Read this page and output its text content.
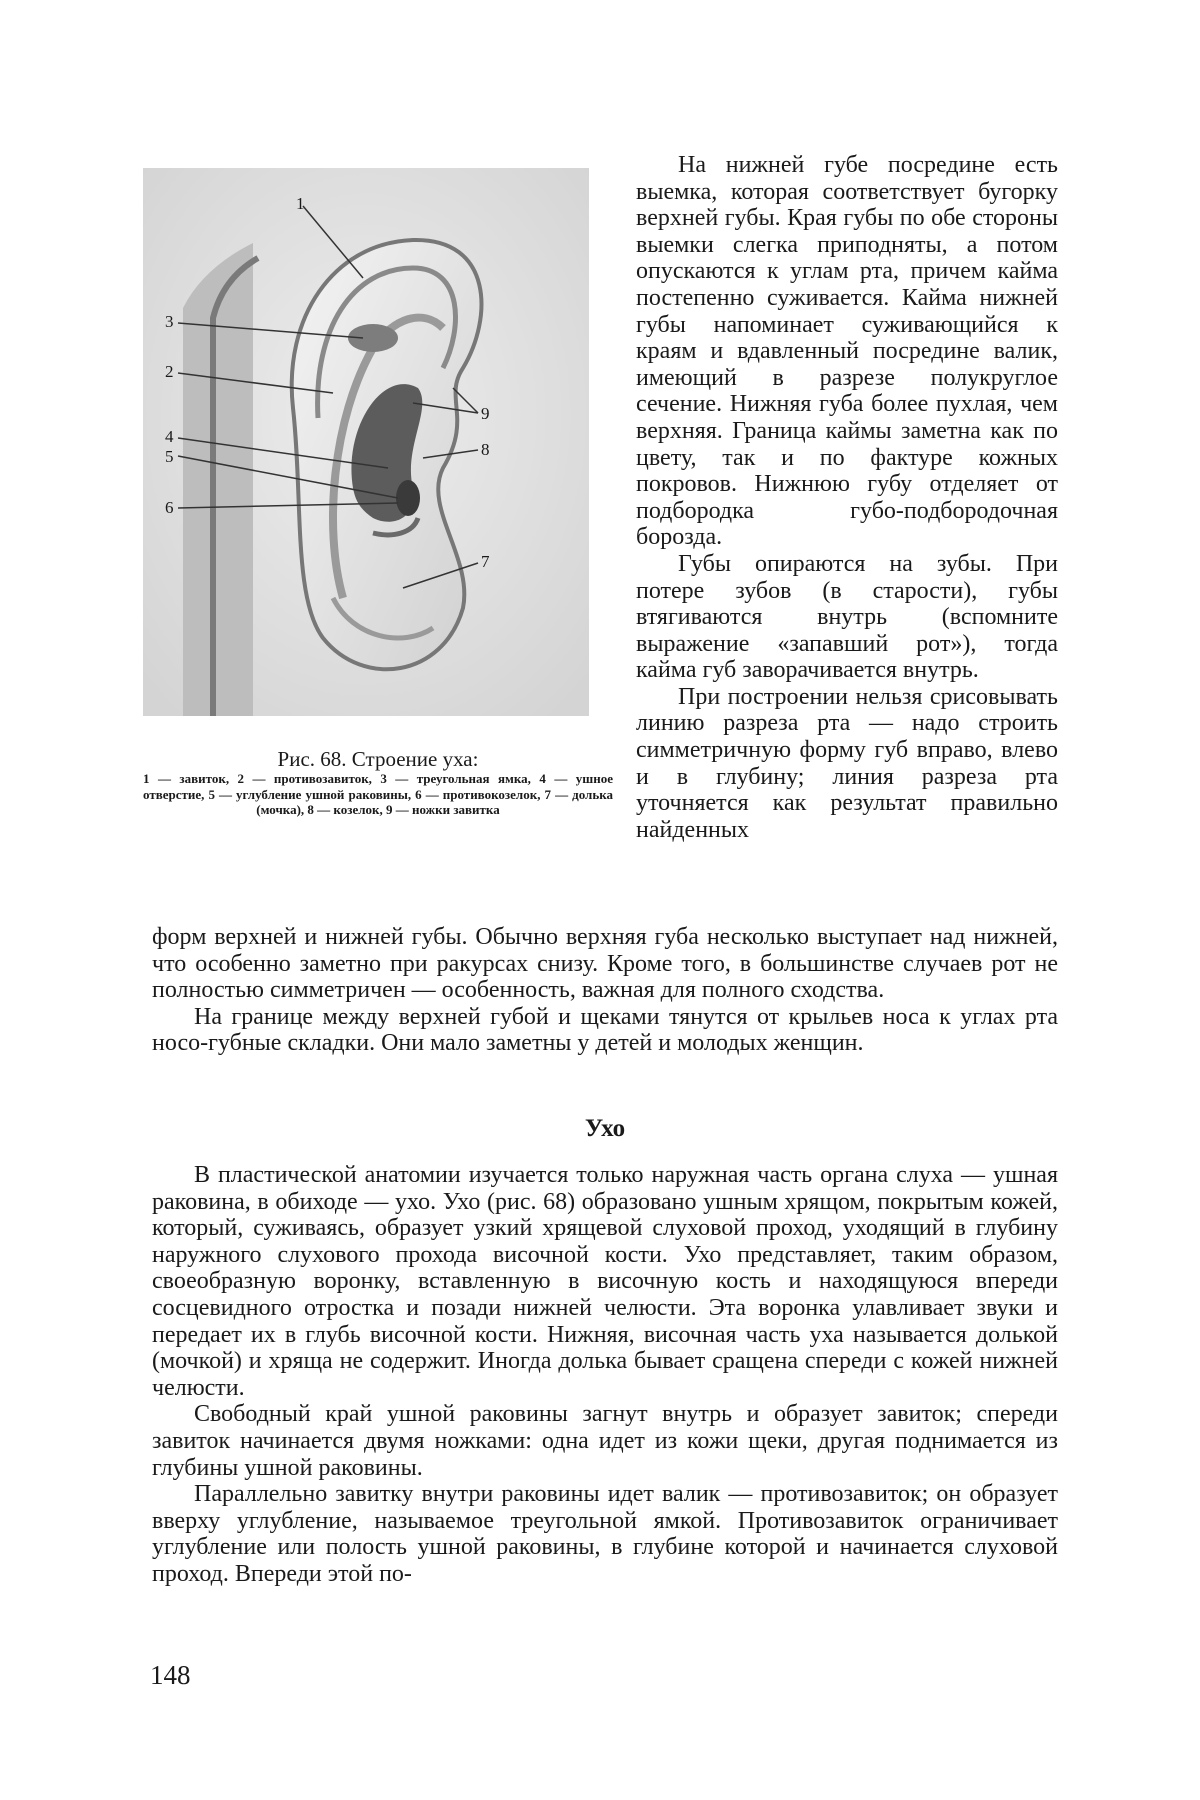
1
3
2
9
4
8
5
6
7
Рис. 68. Строение уха:
1 — завиток, 2 — противозавиток, 3 — треугольная ямка, 4 — ушное отверстие, 5 — углубление ушной раковины, 6 — противокозелок, 7 — долька (мочка), 8 — козелок, 9 — ножки завитка

На нижней губе посредине есть выемка, которая соответствует бугорку верхней губы. Края губы по обе стороны выемки слегка приподняты, а потом опускаются к углам рта, причем кайма постепенно суживается. Кайма нижней губы напоминает суживающийся к краям и вдавленный посредине валик, имеющий в разрезе полукруглое сечение. Нижняя губа более пухлая, чем верхняя. Граница каймы заметна как по цвету, так и по фактуре кожных покровов. Нижнюю губу отделяет от подбородка губо-подбородочная борозда.

Губы опираются на зубы. При потере зубов (в старости), губы втягиваются внутрь (вспомните выражение «запавший рот»), тогда кайма губ заворачивается внутрь.

При построении нельзя срисовывать линию разреза рта — надо строить симметричную форму губ вправо, влево и в глубину; линия разреза рта уточняется как результат правильно найденных

форм верхней и нижней губы. Обычно верхняя губа несколько выступает над нижней, что особенно заметно при ракурсах снизу. Кроме того, в большинстве случаев рот не полностью симметричен — особенность, важная для полного сходства.

На границе между верхней губой и щеками тянутся от крыльев носа к углах рта носо-губные складки. Они мало заметны у детей и молодых женщин.

Ухо

В пластической анатомии изучается только наружная часть органа слуха — ушная раковина, в обиходе — ухо. Ухо (рис. 68) образовано ушным хрящом, покрытым кожей, который, суживаясь, образует узкий хрящевой слуховой проход, уходящий в глубину наружного слухового прохода височной кости. Ухо представляет, таким образом, своеобразную воронку, вставленную в височную кость и находящуюся впереди сосцевидного отростка и позади нижней челюсти. Эта воронка улавливает звуки и передает их в глубь височной кости. Нижняя, височная часть уха называется долькой (мочкой) и хряща не содержит. Иногда долька бывает сращена спереди с кожей нижней челюсти.

Свободный край ушной раковины загнут внутрь и образует завиток; спереди завиток начинается двумя ножками: одна идет из кожи щеки, другая поднимается из глубины ушной раковины.

Параллельно завитку внутри раковины идет валик — противозавиток; он образует вверху углубление, называемое треугольной ямкой. Противозавиток ограничивает углубление или полость ушной раковины, в глубине которой и начинается слуховой проход. Впереди этой по-

148
